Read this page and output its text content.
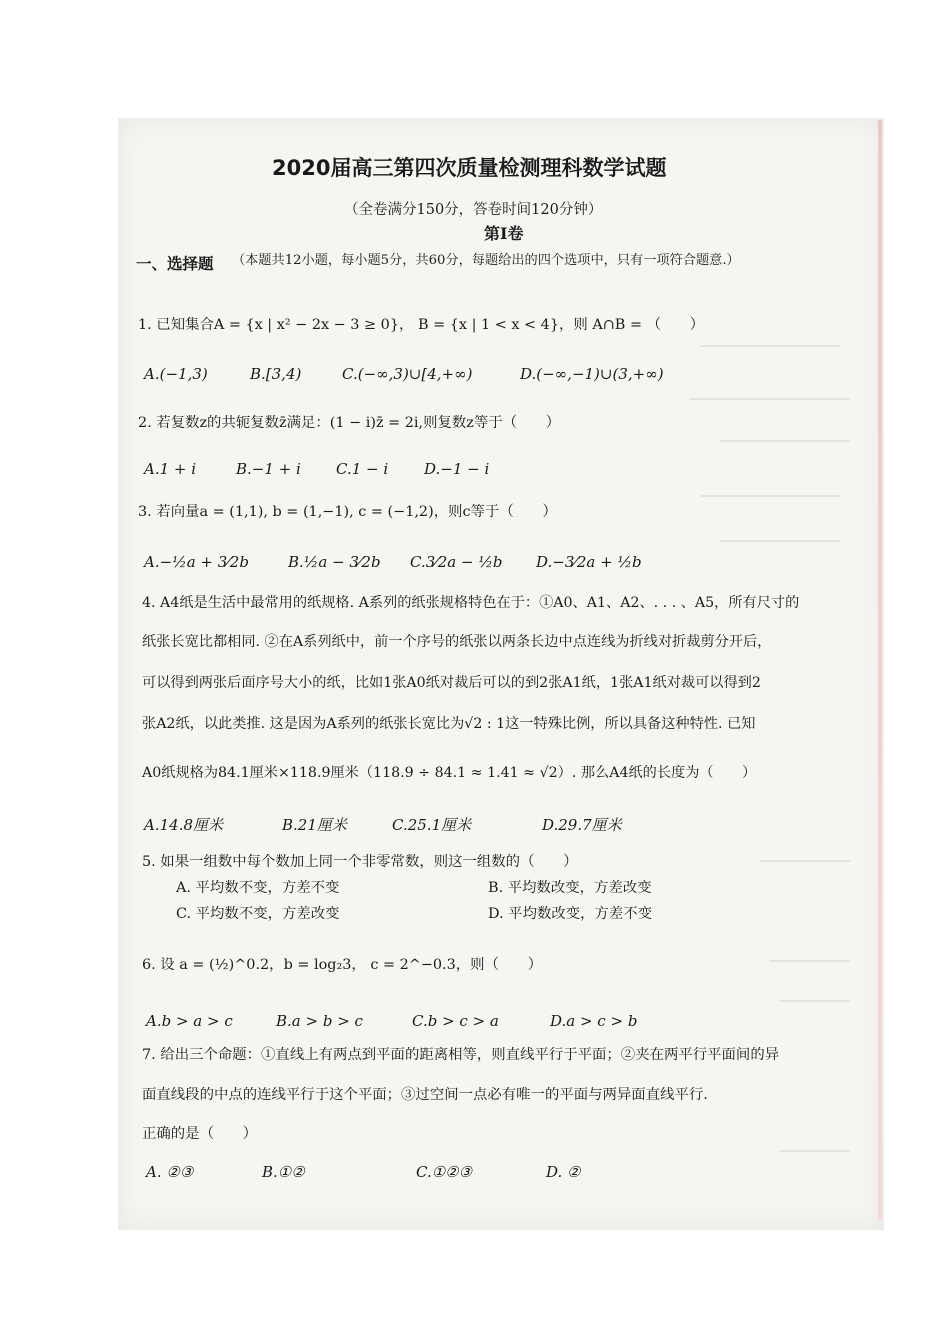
2020届高三第四次质量检测理科数学试题
（全卷满分150分，答卷时间120分钟）
第Ⅰ卷
一、选择题 （本题共12小题，每小题5分，共60分，每题给出的四个选项中，只有一项符合题意.）
1. 已知集合A = {x | x² − 2x − 3 ≥ 0}， B = {x | 1 < x < 4}，则 A∩B = （　　）
A.(−1,3)	B.[3,4)	C.(−∞,3)∪[4,+∞)	D.(−∞,−1)∪(3,+∞)
2. 若复数z的共轭复数z̄满足：(1 − i)z̄ = 2i,则复数z等于（　　）
A.1 + i	B.−1 + i C.1 − i D.−1 − i
3. 若向量a = (1,1), b = (1,−1), c = (−1,2)，则c等于（　　）
A.−½a + 3⁄2b	B.½a − 3⁄2b C.3⁄2a − ½b D.−3⁄2a + ½b
4. A4纸是生活中最常用的纸规格. A系列的纸张规格特色在于：①A0、A1、A2、. . . 、A5，所有尺寸的
纸张长宽比都相同. ②在A系列纸中，前一个序号的纸张以两条长边中点连线为折线对折裁剪分开后，
可以得到两张后面序号大小的纸，比如1张A0纸对裁后可以的到2张A1纸，1张A1纸对裁可以得到2
张A2纸，以此类推. 这是因为A系列的纸张长宽比为√2 : 1这一特殊比例，所以具备这种特性. 已知
A0纸规格为84.1厘米×118.9厘米（118.9 ÷ 84.1 ≈ 1.41 ≈ √2）. 那么A4纸的长度为（　　）
A.14.8厘米	B.21厘米	C.25.1厘米	D.29.7厘米
5. 如果一组数中每个数加上同一个非零常数，则这一组数的（　　）
A. 平均数不变，方差不变	B. 平均数改变，方差改变
C. 平均数不变，方差改变	D. 平均数改变，方差不变
6. 设 a = (½)^0.2，b = log₂3， c = 2^−0.3，则（　　）
A.b > a > c	B.a > b > c	C.b > c > a	D.a > c > b
7. 给出三个命题：①直线上有两点到平面的距离相等，则直线平行于平面；②夹在两平行平面间的异
面直线段的中点的连线平行于这个平面；③过空间一点必有唯一的平面与两异面直线平行.
正确的是（　　）
A. ②③	B.①②	C.①②③	D. ②
